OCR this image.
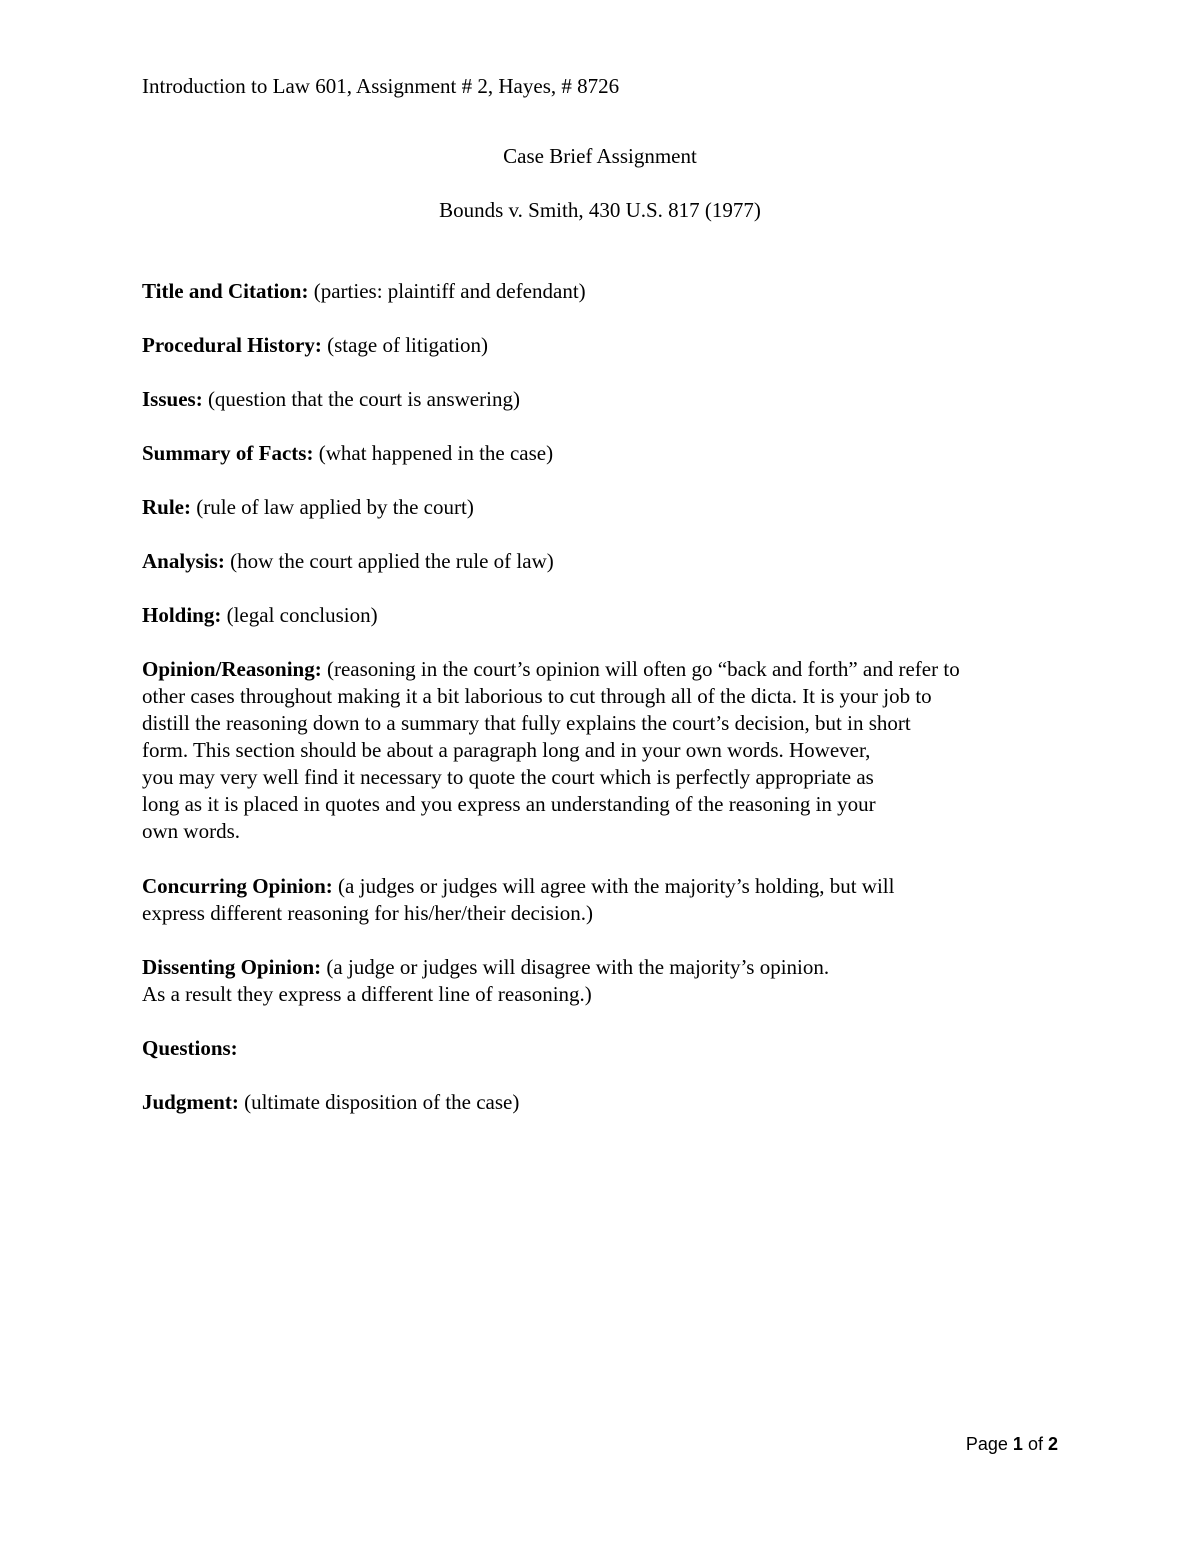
Introduction to Law 601, Assignment # 2, Hayes, # 8726
Case Brief Assignment
Bounds v. Smith, 430 U.S. 817 (1977)
Title and Citation: (parties: plaintiff and defendant)
Procedural History: (stage of litigation)
Issues: (question that the court is answering)
Summary of Facts: (what happened in the case)
Rule: (rule of law applied by the court)
Analysis: (how the court applied the rule of law)
Holding: (legal conclusion)
Opinion/Reasoning: (reasoning in the court’s opinion will often go “back and forth” and refer to
other cases throughout making it a bit laborious to cut through all of the dicta. It is your job to
distill the reasoning down to a summary that fully explains the court’s decision, but in short
form. This section should be about a paragraph long and in your own words. However,
you may very well find it necessary to quote the court which is perfectly appropriate as
long as it is placed in quotes and you express an understanding of the reasoning in your
own words.
Concurring Opinion: (a judges or judges will agree with the majority’s holding, but will
express different reasoning for his/her/their decision.)
Dissenting Opinion: (a judge or judges will disagree with the majority’s opinion.
As a result they express a different line of reasoning.)
Questions:
Judgment: (ultimate disposition of the case)
Page 1 of 2
